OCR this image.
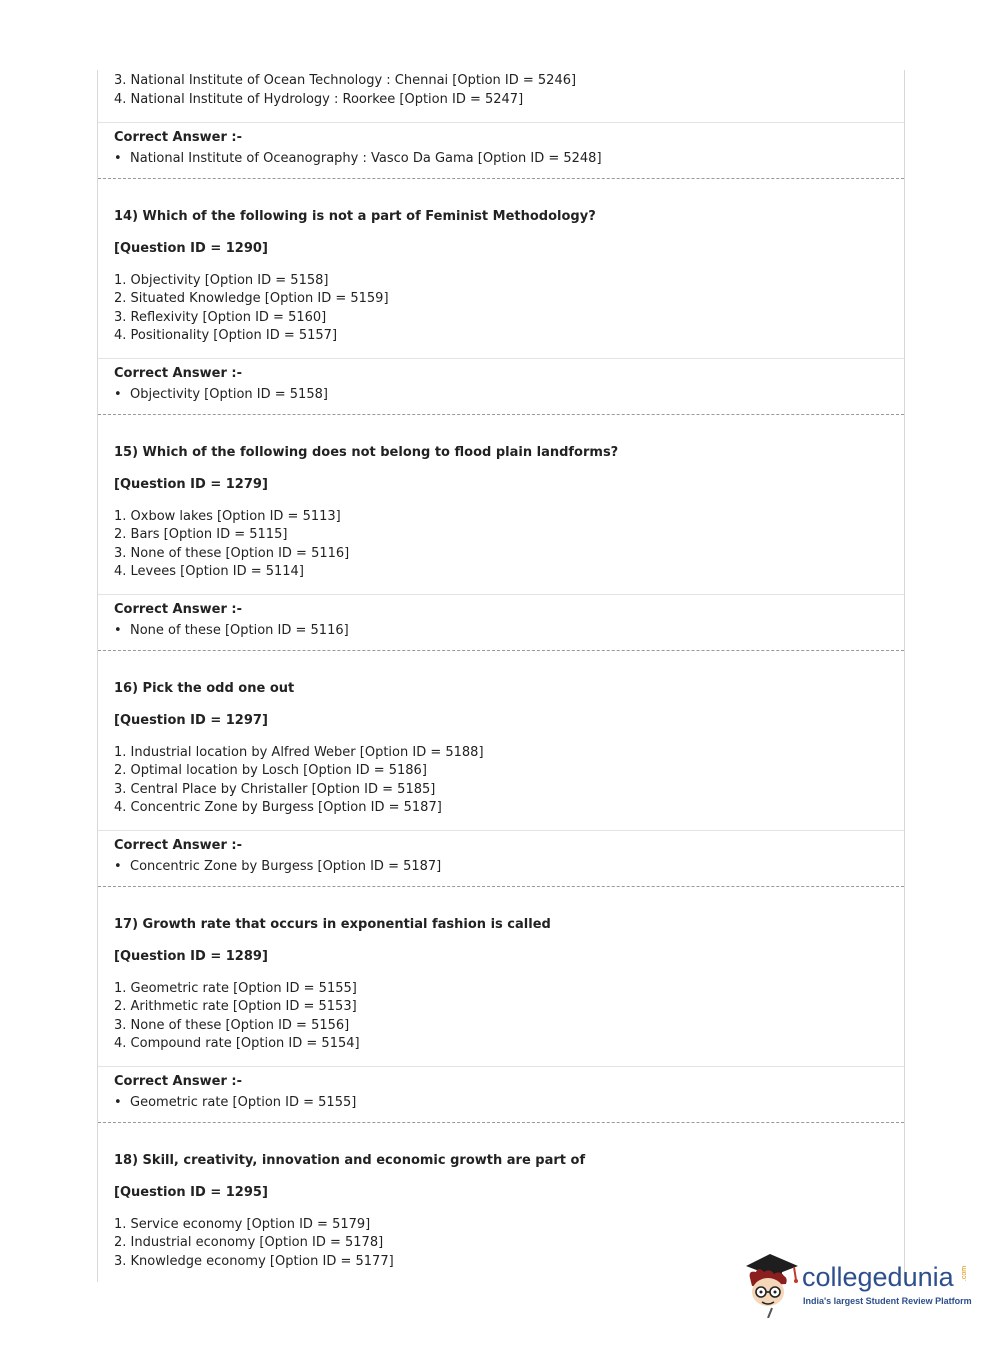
3. National Institute of Ocean Technology : Chennai [Option ID = 5246]
4. National Institute of Hydrology : Roorkee [Option ID = 5247]
Correct Answer :-
• National Institute of Oceanography : Vasco Da Gama [Option ID = 5248]
14) Which of the following is not a part of Feminist Methodology?
[Question ID = 1290]
1. Objectivity [Option ID = 5158]
2. Situated Knowledge [Option ID = 5159]
3. Reflexivity [Option ID = 5160]
4. Positionality [Option ID = 5157]
Correct Answer :-
• Objectivity [Option ID = 5158]
15) Which of the following does not belong to flood plain landforms?
[Question ID = 1279]
1. Oxbow lakes [Option ID = 5113]
2. Bars [Option ID = 5115]
3. None of these [Option ID = 5116]
4. Levees [Option ID = 5114]
Correct Answer :-
• None of these [Option ID = 5116]
16) Pick the odd one out
[Question ID = 1297]
1. Industrial location by Alfred Weber [Option ID = 5188]
2. Optimal location by Losch [Option ID = 5186]
3. Central Place by Christaller [Option ID = 5185]
4. Concentric Zone by Burgess [Option ID = 5187]
Correct Answer :-
• Concentric Zone by Burgess [Option ID = 5187]
17) Growth rate that occurs in exponential fashion is called
[Question ID = 1289]
1. Geometric rate [Option ID = 5155]
2. Arithmetic rate [Option ID = 5153]
3. None of these [Option ID = 5156]
4. Compound rate [Option ID = 5154]
Correct Answer :-
• Geometric rate [Option ID = 5155]
18) Skill, creativity, innovation and economic growth are part of
[Question ID = 1295]
1. Service economy [Option ID = 5179]
2. Industrial economy [Option ID = 5178]
3. Knowledge economy [Option ID = 5177]
collegedunia .com
India's largest Student Review Platform
